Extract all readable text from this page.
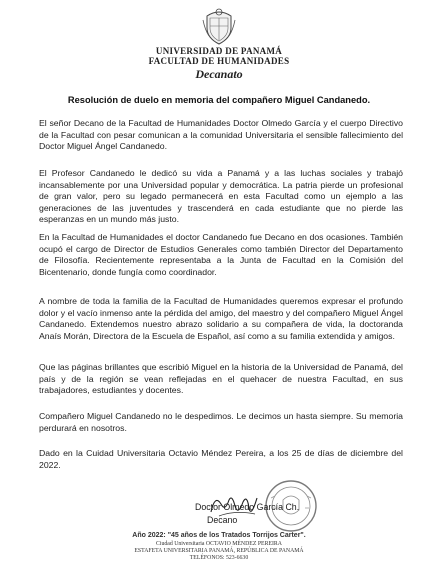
UNIVERSIDAD DE PANAMÁ
FACULTAD DE HUMANIDADES
Decanato
Resolución de duelo en memoria del compañero Miguel Candanedo.

El señor Decano de la Facultad de Humanidades Doctor Olmedo García y el cuerpo Directivo de la Facultad con pesar comunican a la comunidad Universitaria el sensible fallecimiento del Doctor Miguel Ángel Candanedo.

El Profesor Candanedo le dedicó su vida a Panamá y a las luchas sociales y trabajó incansablemente por una Universidad popular y democrática. La patria pierde un profesional de gran valor, pero su legado permanecerá en esta Facultad como un ejemplo a las generaciones de las juventudes y trascenderá en cada estudiante que no pierde las esperanzas en un mundo más justo.

En la Facultad de Humanidades el doctor Candanedo fue Decano en dos ocasiones. También ocupó el cargo de Director de Estudios Generales como también Director del Departamento de Filosofía. Recientemente representaba a la Junta de Facultad en la Comisión del Bicentenario, donde fungía como coordinador.

A nombre de toda la familia de la Facultad de Humanidades queremos expresar el profundo dolor y el vacío inmenso ante la pérdida del amigo, del maestro y del compañero Miguel Ángel Candanedo. Extendemos nuestro abrazo solidario a su compañera de vida, la doctoranda Anaís Morán, Directora de la Escuela de Español, así como a su familia extendida y amigos.

Que las páginas brillantes que escribió Miguel en la historia de la Universidad de Panamá, del país y de la región se vean reflejadas en el quehacer de nuestra Facultad, en sus trabajadores, estudiantes y docentes.

Compañero Miguel Candanedo no le despedimos. Le decimos un hasta siempre. Su memoria perdurará en nosotros.

Dado en la Cuidad Universitaria Octavio Méndez Pereira, a los 25 de días de diciembre del 2022.

Doctor Olmedo García Ch.
Decano
Año 2022: "45 años de los Tratados Torrijos Carter".
Ciudad Universitaria OCTAVIO MÉNDEZ PEREIRA
ESTAFETA UNIVERSITARIA PANAMÁ, REPÚBLICA DE PANAMÁ
TELÉFONOS: 523-6630
